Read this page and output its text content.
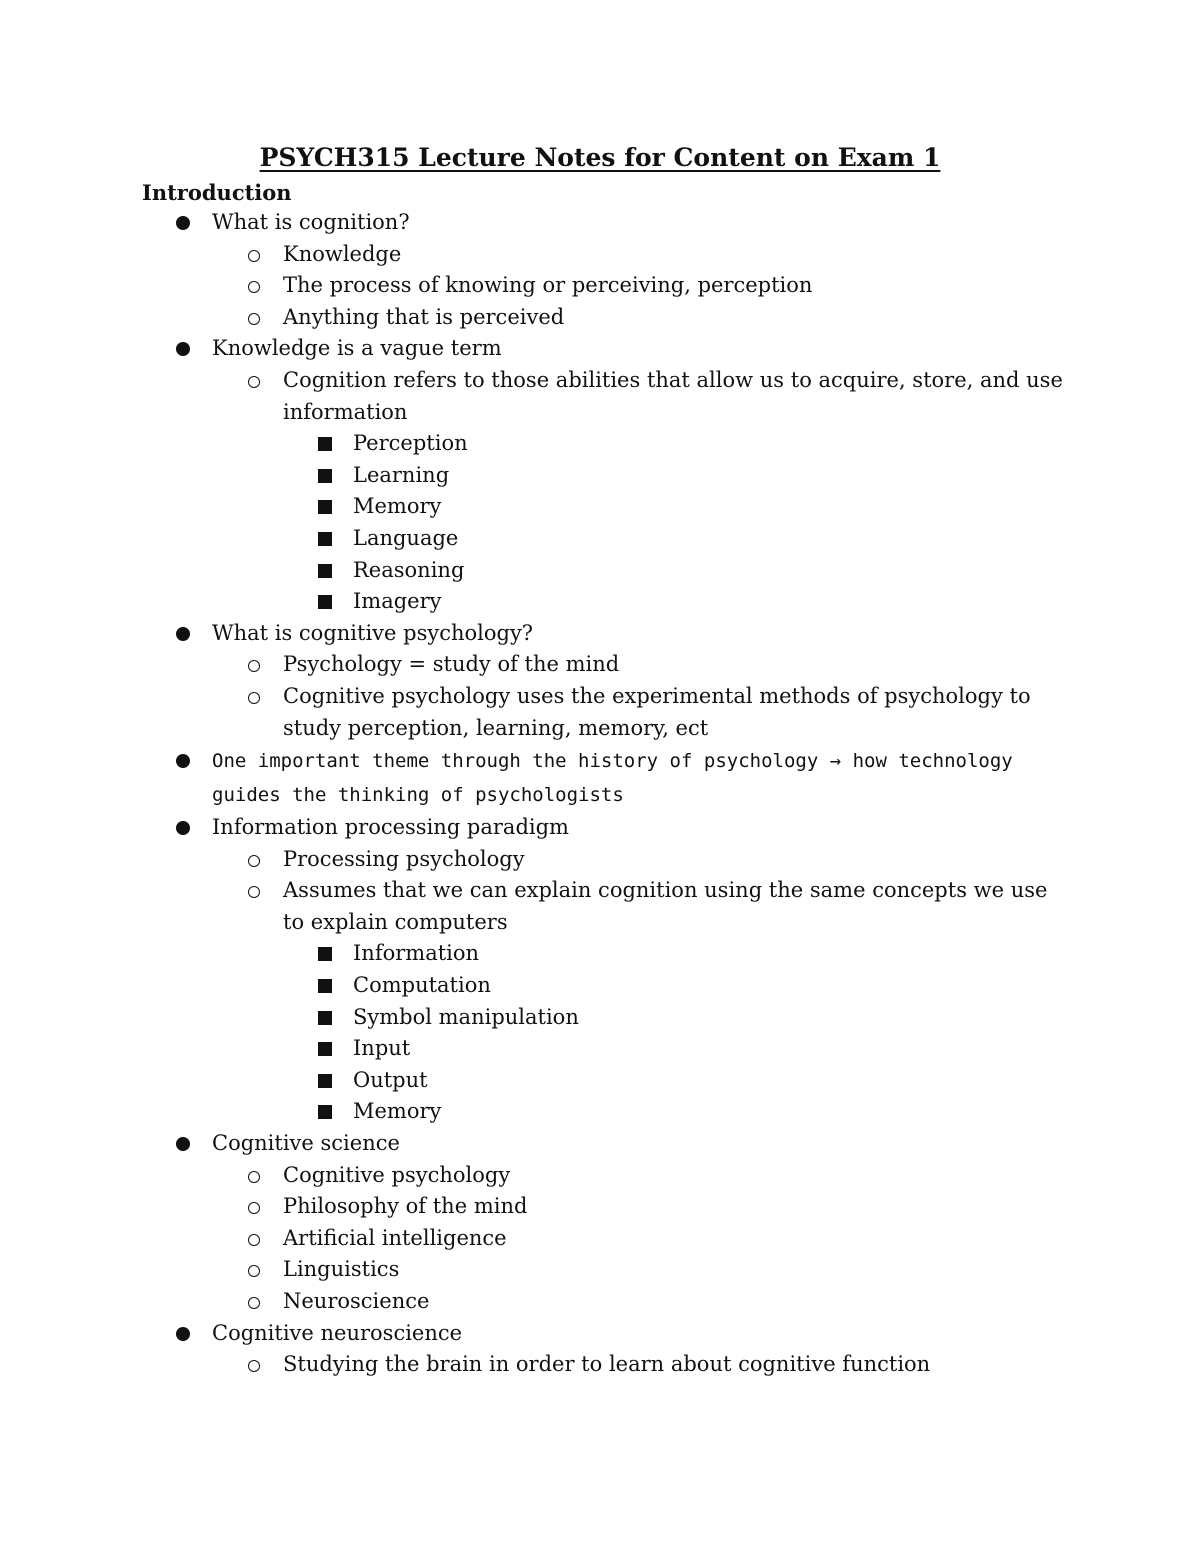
PSYCH315 Lecture Notes for Content on Exam 1
Introduction
What is cognition?
Knowledge
The process of knowing or perceiving, perception
Anything that is perceived
Knowledge is a vague term
Cognition refers to those abilities that allow us to acquire, store, and use information
Perception
Learning
Memory
Language
Reasoning
Imagery
What is cognitive psychology?
Psychology = study of the mind
Cognitive psychology uses the experimental methods of psychology to study perception, learning, memory, ect
One important theme through the history of psychology → how technology guides the thinking of psychologists
Information processing paradigm
Processing psychology
Assumes that we can explain cognition using the same concepts we use to explain computers
Information
Computation
Symbol manipulation
Input
Output
Memory
Cognitive science
Cognitive psychology
Philosophy of the mind
Artificial intelligence
Linguistics
Neuroscience
Cognitive neuroscience
Studying the brain in order to learn about cognitive function
